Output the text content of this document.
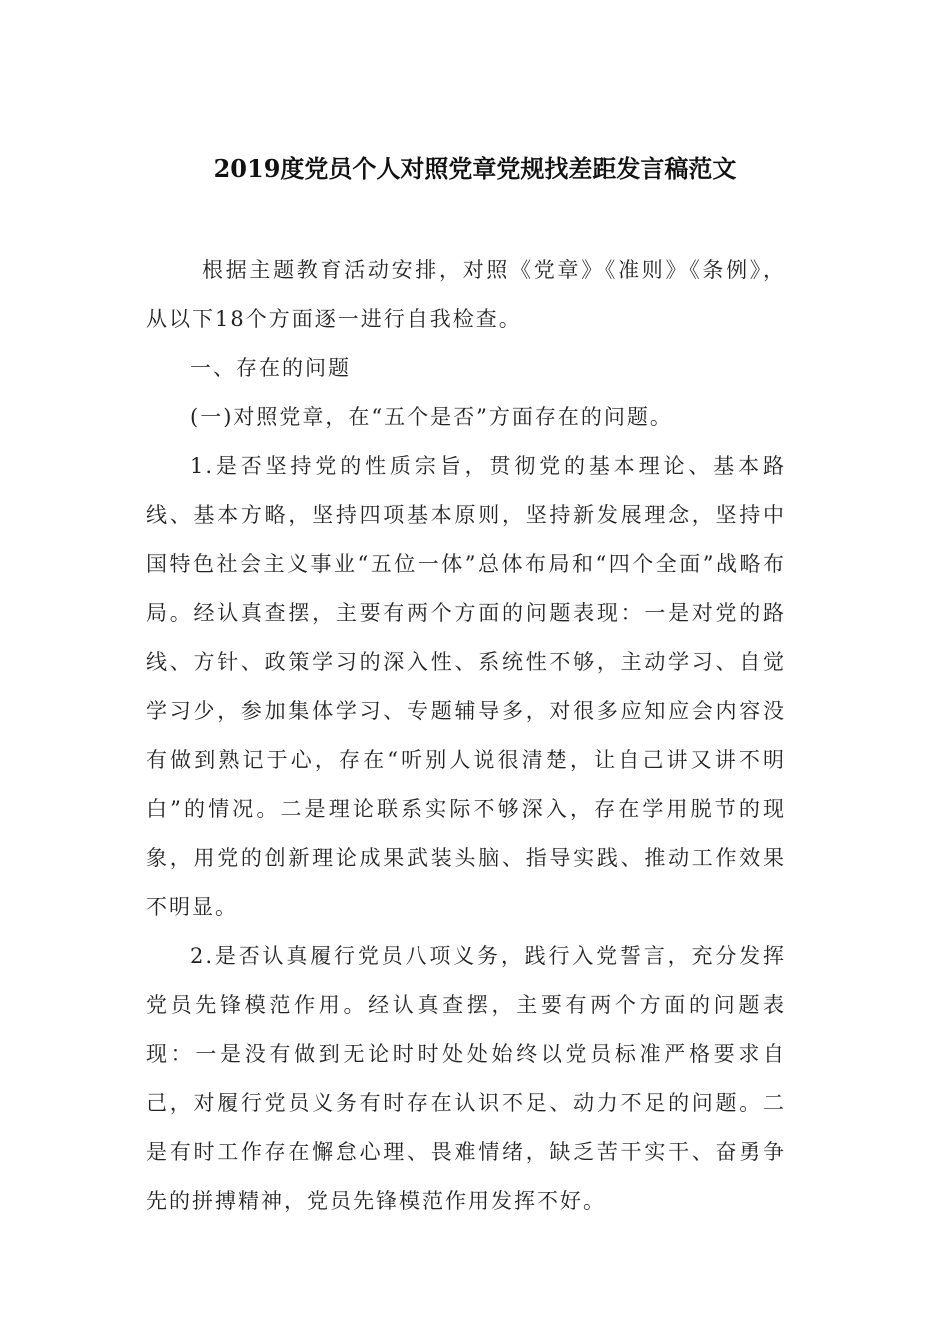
2019度党员个人对照党章党规找差距发言稿范文

根据主题教育活动安排，对照《党章》《准则》《条例》，从以下18个方面逐一进行自我检查。

一、存在的问题

(一)对照党章，在“五个是否”方面存在的问题。

1.是否坚持党的性质宗旨，贯彻党的基本理论、基本路线、基本方略，坚持四项基本原则，坚持新发展理念，坚持中国特色社会主义事业“五位一体”总体布局和“四个全面”战略布局。经认真查摆，主要有两个方面的问题表现：一是对党的路线、方针、政策学习的深入性、系统性不够，主动学习、自觉学习少，参加集体学习、专题辅导多，对很多应知应会内容没有做到熟记于心，存在“听别人说很清楚，让自己讲又讲不明白”的情况。二是理论联系实际不够深入，存在学用脱节的现象，用党的创新理论成果武装头脑、指导实践、推动工作效果不明显。

2.是否认真履行党员八项义务，践行入党誓言，充分发挥党员先锋模范作用。经认真查摆，主要有两个方面的问题表现：一是没有做到无论时时处处始终以党员标准严格要求自己，对履行党员义务有时存在认识不足、动力不足的问题。二是有时工作存在懈怠心理、畏难情绪，缺乏苦干实干、奋勇争先的拼搏精神，党员先锋模范作用发挥不好。
